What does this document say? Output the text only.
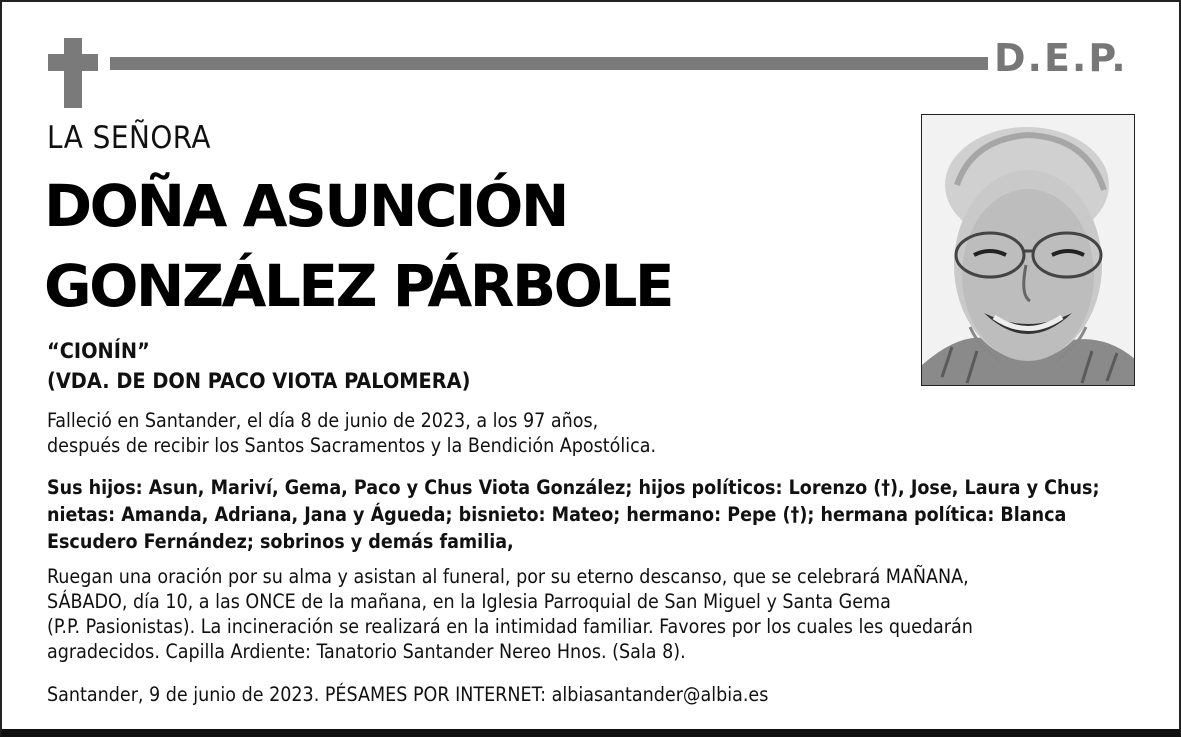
D.E.P.
LA SEÑORA
DOÑA ASUNCIÓN
GONZÁLEZ PÁRBOLE
“CIONÍN”
(VDA. DE DON PACO VIOTA PALOMERA)
Falleció en Santander, el día 8 de junio de 2023, a los 97 años,
después de recibir los Santos Sacramentos y la Bendición Apostólica.
Sus hijos: Asun, Mariví, Gema, Paco y Chus Viota González; hijos políticos: Lorenzo (†), Jose, Laura y Chus;
nietas: Amanda, Adriana, Jana y Águeda; bisnieto: Mateo; hermano: Pepe (†); hermana política: Blanca
Escudero Fernández; sobrinos y demás familia,
Ruegan una oración por su alma y asistan al funeral, por su eterno descanso, que se celebrará MAÑANA,
SÁBADO, día 10, a las ONCE de la mañana, en la Iglesia Parroquial de San Miguel y Santa Gema
(P.P. Pasionistas). La incineración se realizará en la intimidad familiar. Favores por los cuales les quedarán
agradecidos. Capilla Ardiente: Tanatorio Santander Nereo Hnos. (Sala 8).
Santander, 9 de junio de 2023. PÉSAMES POR INTERNET: albiasantander@albia.es
